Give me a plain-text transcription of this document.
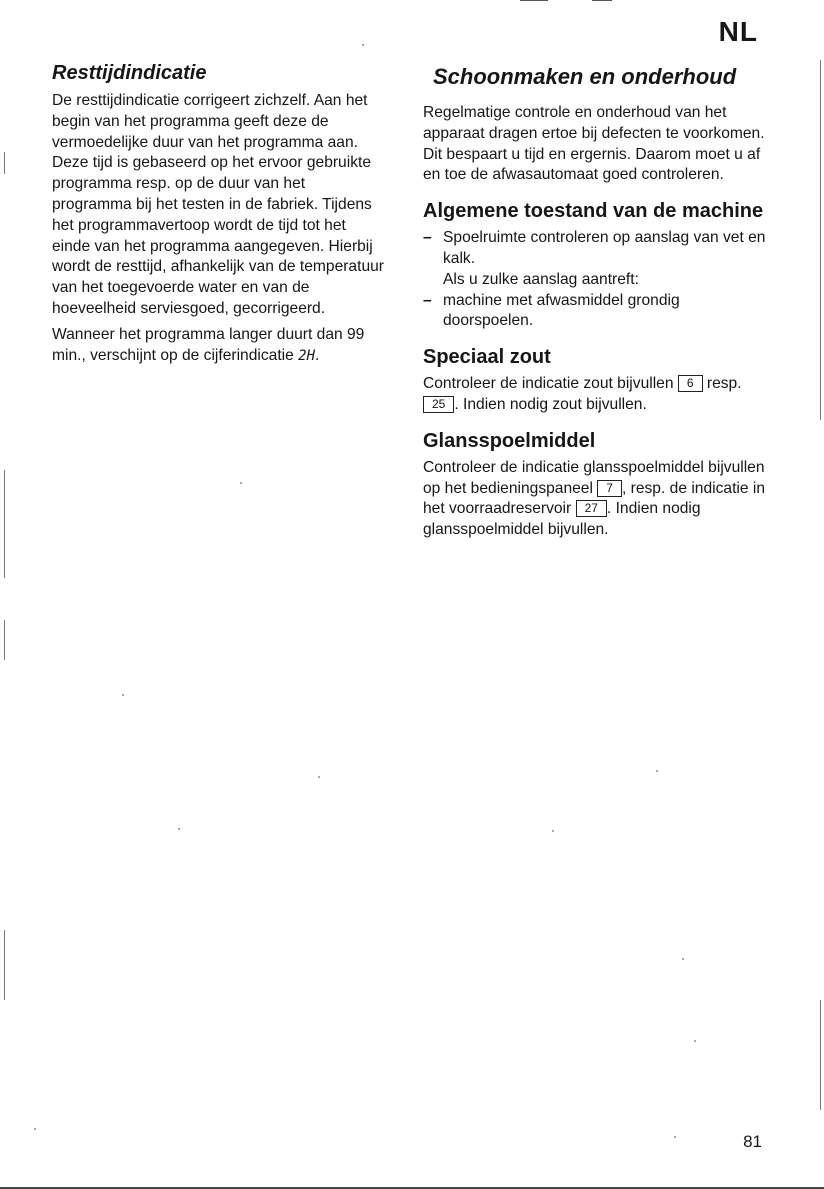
NL
Resttijdindicatie

De resttijdindicatie corrigeert zichzelf. Aan het begin van het programma geeft deze de vermoedelijke duur van het programma aan. Deze tijd is gebaseerd op het ervoor gebruikte programma resp. op de duur van het programma bij het testen in de fabriek. Tijdens het programmavertoop wordt de tijd tot het einde van het programma aangegeven. Hierbij wordt de resttijd, afhankelijk van de temperatuur van het toegevoerde water en van de hoeveelheid serviesgoed, gecorrigeerd.

Wanneer het programma langer duurt dan 99 min., verschijnt op de cijferindicatie 2H.

Schoonmaken en onderhoud

Regelmatige controle en onderhoud van het apparaat dragen ertoe bij defecten te voorkomen. Dit bespaart u tijd en ergernis. Daarom moet u af en toe de afwasautomaat goed controleren.

Algemene toestand van de machine
– Spoelruimte controleren op aanslag van vet en kalk.
Als u zulke aanslag aantreft:
– machine met afwasmiddel grondig doorspoelen.
Speciaal zout

Controleer de indicatie zout bijvullen 6 resp. 25 . Indien nodig zout bijvullen.

Glansspoelmiddel

Controleer de indicatie glansspoelmiddel bijvullen op het bedieningspaneel 7 , resp. de indicatie in het voorraadreservoir 27 . Indien nodig glansspoelmiddel bijvullen.

81
